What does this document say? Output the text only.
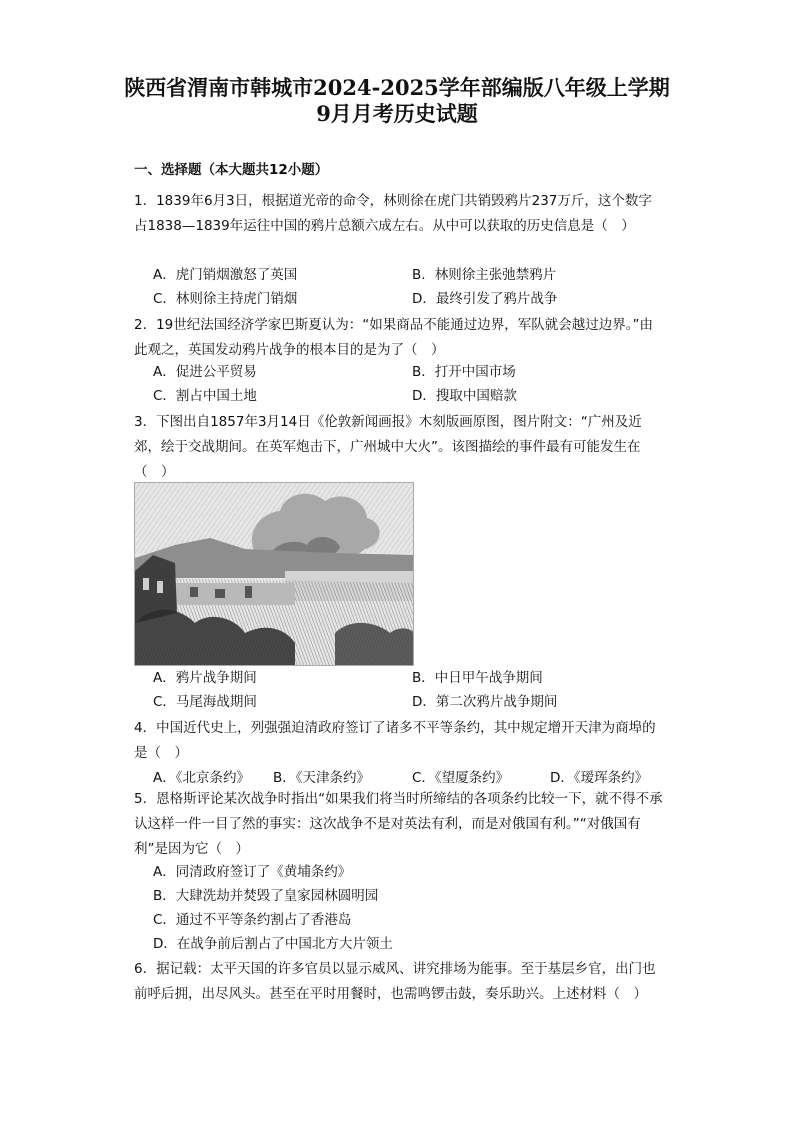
陕西省渭南市韩城市2024-2025学年部编版八年级上学期
9月月考历史试题
一、选择题（本大题共12小题）
1．1839年6月3日，根据道光帝的命令，林则徐在虎门共销毁鸦片237万斤，这个数字占1838—1839年运往中国的鸦片总额六成左右。从中可以获取的历史信息是（　）
A．虎门销烟激怒了英国	B．林则徐主张弛禁鸦片
C．林则徐主持虎门销烟	D．最终引发了鸦片战争
2．19世纪法国经济学家巴斯夏认为：“如果商品不能通过边界，军队就会越过边界。”由此观之，英国发动鸦片战争的根本目的是为了（　）
A．促进公平贸易	B．打开中国市场
C．割占中国土地	D．搜取中国赔款
3．下图出自1857年3月14日《伦敦新闻画报》木刻版画原图，图片附文：“广州及近郊，绘于交战期间。在英军炮击下，广州城中大火”。该图描绘的事件最有可能发生在（　）
A．鸦片战争期间	B．中日甲午战争期间
C．马尾海战期间	D．第二次鸦片战争期间
4．中国近代史上，列强强迫清政府签订了诸多不平等条约，其中规定增开天津为商埠的是（　）
A．《北京条约》 B．《天津条约》	C．《望厦条约》	D．《瑷珲条约》
5．恩格斯评论某次战争时指出“如果我们将当时所缔结的各项条约比较一下，就不得不承认这样一件一目了然的事实：这次战争不是对英法有利，而是对俄国有利。”“对俄国有利”是因为它（　）
A．同清政府签订了《黄埔条约》
B．大肆洗劫并焚毁了皇家园林圆明园
C．通过不平等条约割占了香港岛
D．在战争前后割占了中国北方大片领土
6．据记载：太平天国的许多官员以显示威风、讲究排场为能事。至于基层乡官，出门也前呼后拥，出尽风头。甚至在平时用餐时，也需鸣锣击鼓，奏乐助兴。上述材料（　）
